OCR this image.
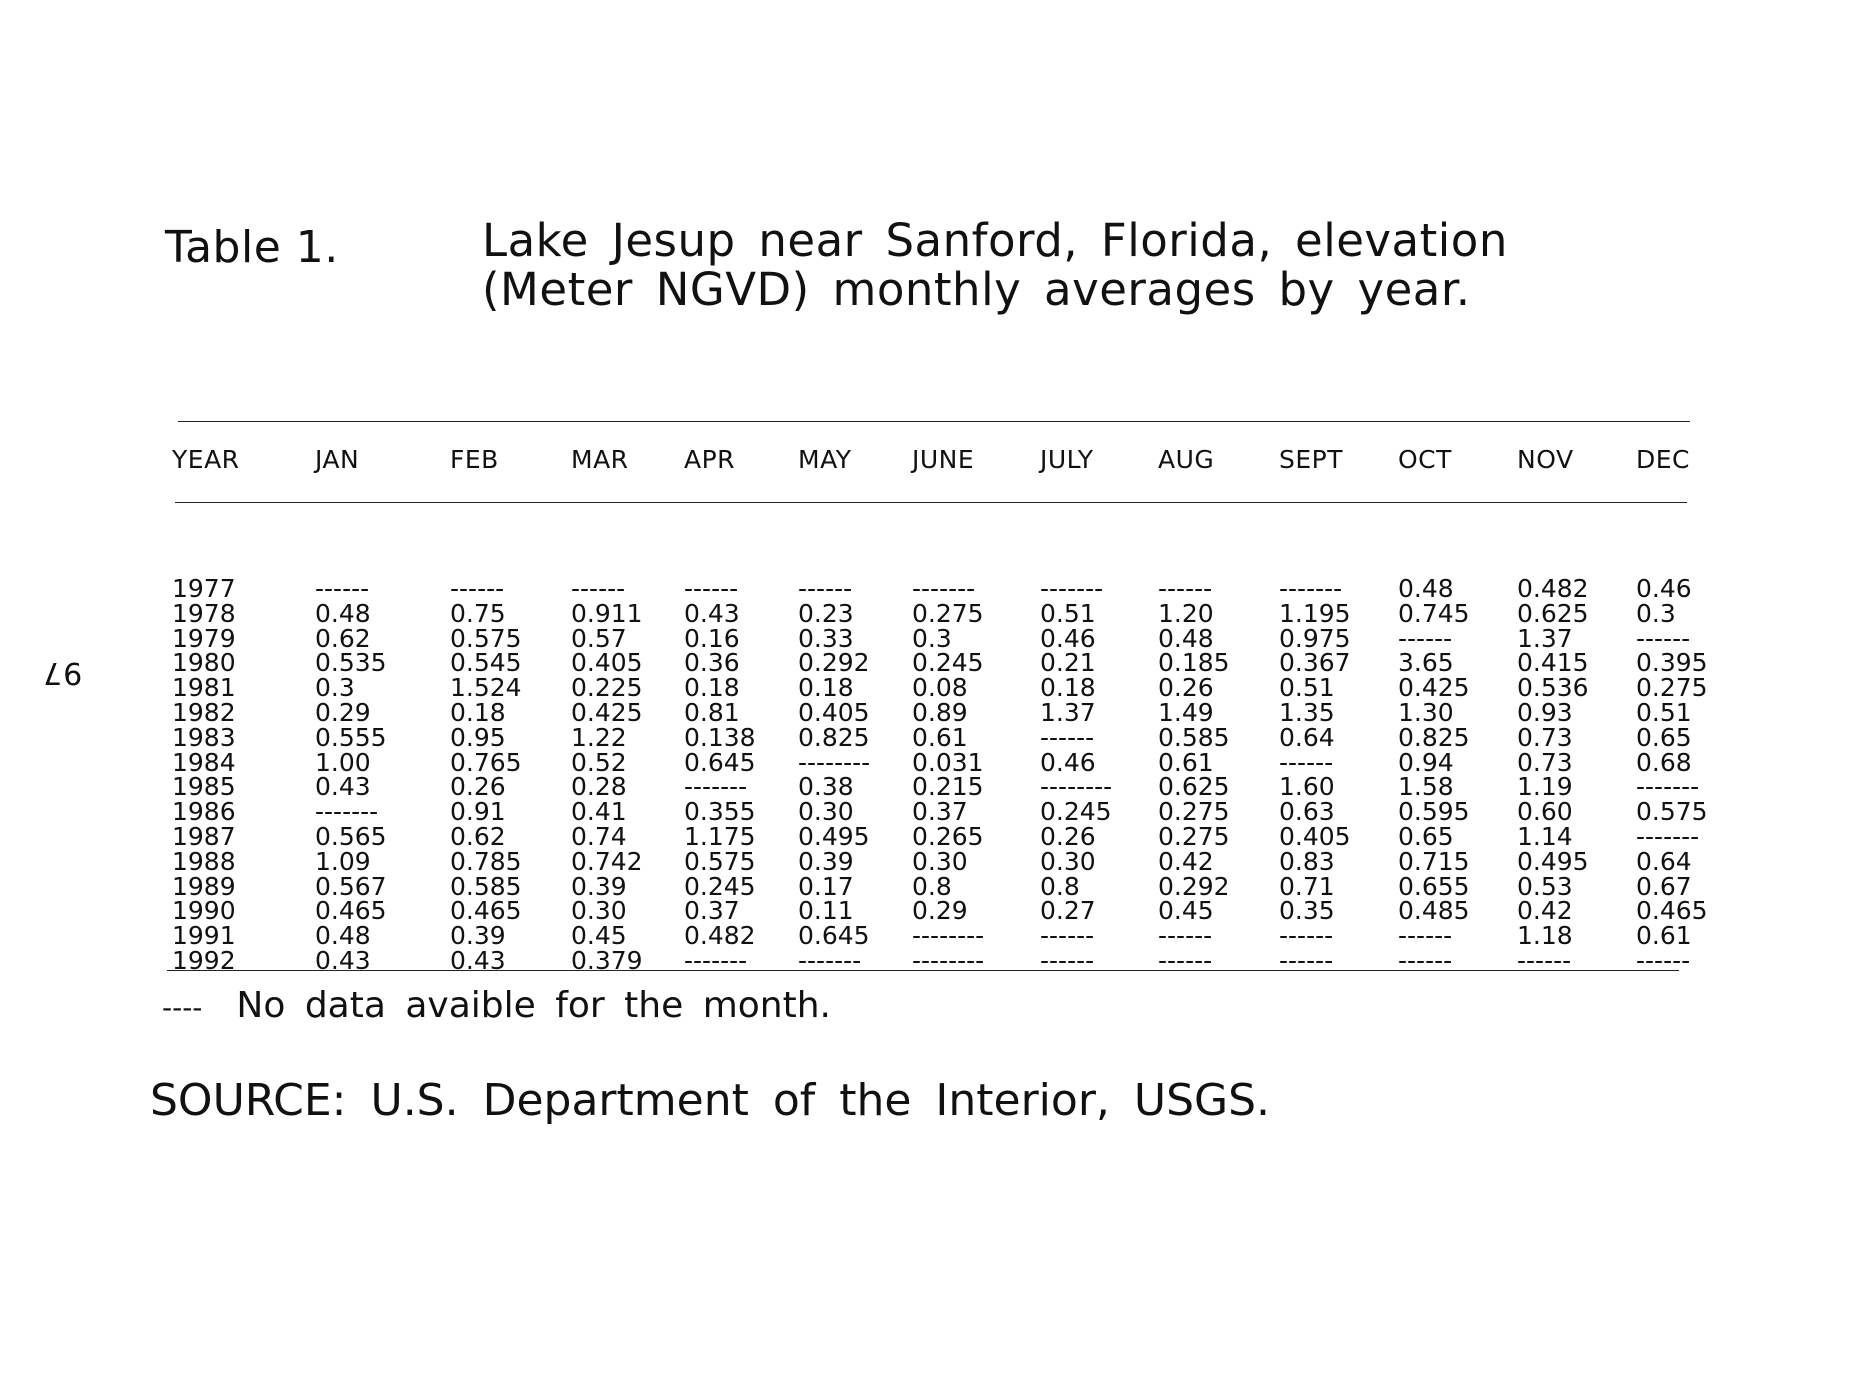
97
Table 1.	Lake Jesup near Sanford, Florida, elevation
(Meter NGVD) monthly averages by year.
YEAR	JAN	FEB	MAR	APR	MAY	JUNE	JULY	AUG	SEPT	OCT	NOV	DEC
1977	------	------	------	------	------	-------	-------	------	-------	0.48	0.482	0.46
1978	0.48	0.75	0.911	0.43	0.23	0.275	0.51	1.20	1.195	0.745	0.625	0.3
1979	0.62	0.575	0.57	0.16	0.33	0.3	0.46	0.48	0.975	------	1.37	------
1980	0.535	0.545	0.405	0.36	0.292	0.245	0.21	0.185	0.367	3.65	0.415	0.395
1981	0.3	1.524	0.225	0.18	0.18	0.08	0.18	0.26	0.51	0.425	0.536	0.275
1982	0.29	0.18	0.425	0.81	0.405	0.89	1.37	1.49	1.35	1.30	0.93	0.51
1983	0.555	0.95	1.22	0.138	0.825	0.61	------	0.585	0.64	0.825	0.73	0.65
1984	1.00	0.765	0.52	0.645	--------	0.031	0.46	0.61	------	0.94	0.73	0.68
1985	0.43	0.26	0.28	-------	0.38	0.215	--------	0.625	1.60	1.58	1.19	-------
1986	-------	0.91	0.41	0.355	0.30	0.37	0.245	0.275	0.63	0.595	0.60	0.575
1987	0.565	0.62	0.74	1.175	0.495	0.265	0.26	0.275	0.405	0.65	1.14	-------
1988	1.09	0.785	0.742	0.575	0.39	0.30	0.30	0.42	0.83	0.715	0.495	0.64
1989	0.567	0.585	0.39	0.245	0.17	0.8	0.8	0.292	0.71	0.655	0.53	0.67
1990	0.465	0.465	0.30	0.37	0.11	0.29	0.27	0.45	0.35	0.485	0.42	0.465
1991	0.48	0.39	0.45	0.482	0.645	--------	------	------	------	------	1.18	0.61
1992	0.43	0.43	0.379	-------	-------	--------	------	------	------	------	------	------
---- No data avaible for the month.
SOURCE: U.S. Department of the Interior, USGS.
